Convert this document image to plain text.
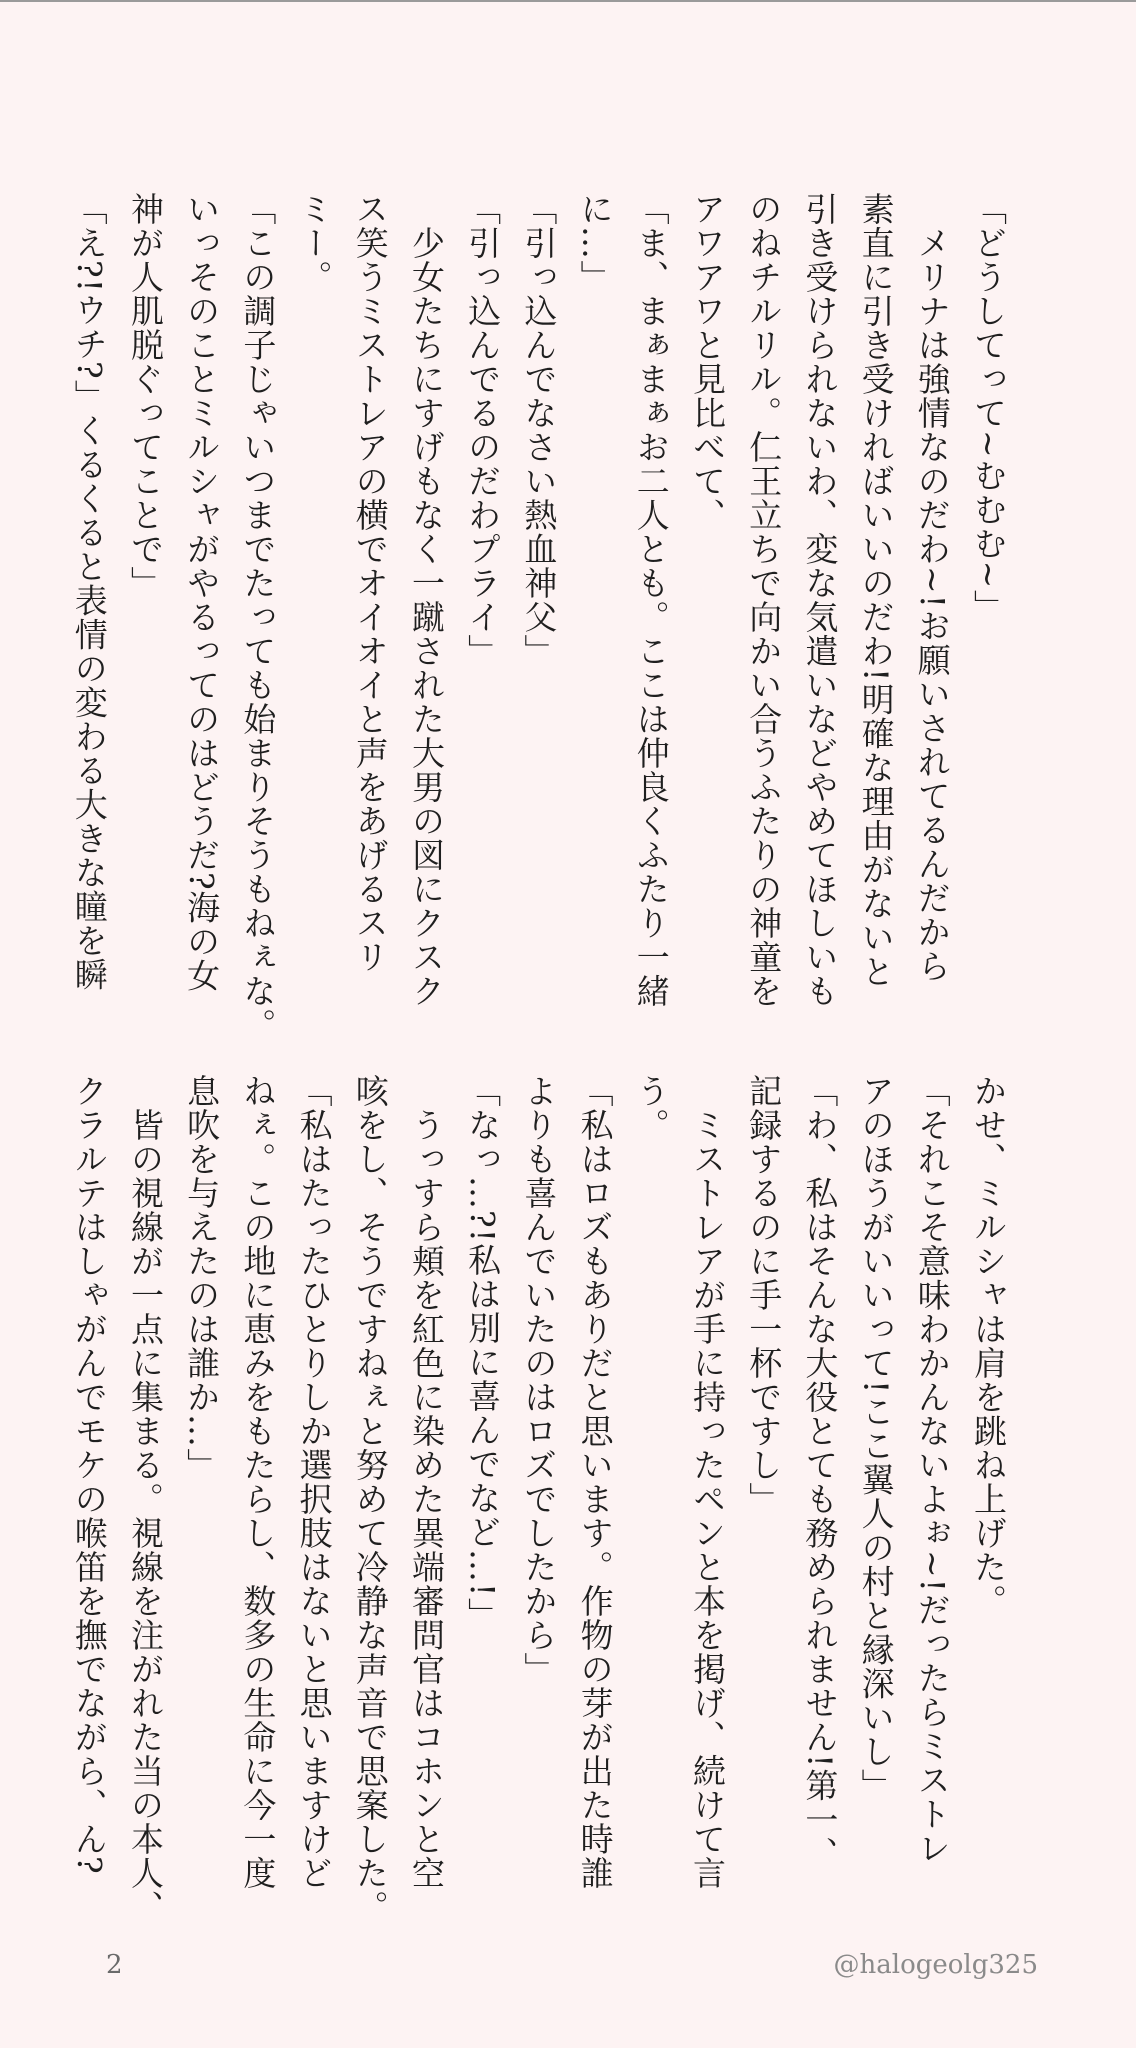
「どうしてって~むむむ~」
　メリナは強情なのだわ~!お願いされてるんだから
素直に引き受ければいいのだわ!明確な理由がないと
引き受けられないわ、変な気遣いなどやめてほしいも
のねチルリル。仁王立ちで向かい合うふたりの神童を
アワアワと見比べて、
「ま、まぁまぁお二人とも。ここは仲良くふたり一緒
に…」
「引っ込んでなさい熱血神父」
「引っ込んでるのだわプライ」
　少女たちにすげもなく一蹴された大男の図にクスク
ス笑うミストレアの横でオイオイと声をあげるスリ
ミー。
「この調子じゃいつまでたっても始まりそうもねぇな。
いっそのことミルシャがやるってのはどうだ?海の女
神が人肌脱ぐってことで」
「え?!ウチ?」くるくると表情の変わる大きな瞳を瞬
かせ、ミルシャは肩を跳ね上げた。
「それこそ意味わかんないよぉ~!だったらミストレ
アのほうがいいって!ここ翼人の村と縁深いし」
「わ、私はそんな大役とても務められません!第一、
記録するのに手一杯ですし」
　ミストレアが手に持ったペンと本を掲げ、続けて言
う。
「私はロズもありだと思います。作物の芽が出た時誰
よりも喜んでいたのはロズでしたから」
「なっ…?!私は別に喜んでなど…!」
　うっすら頬を紅色に染めた異端審問官はコホンと空
咳をし、そうですねぇと努めて冷静な声音で思案した。
「私はたったひとりしか選択肢はないと思いますけど
ねぇ。この地に恵みをもたらし、数多の生命に今一度
息吹を与えたのは誰か…」
　皆の視線が一点に集まる。視線を注がれた当の本人、
クラルテはしゃがんでモケの喉笛を撫でながら、ん?
2	@halogeolg325
